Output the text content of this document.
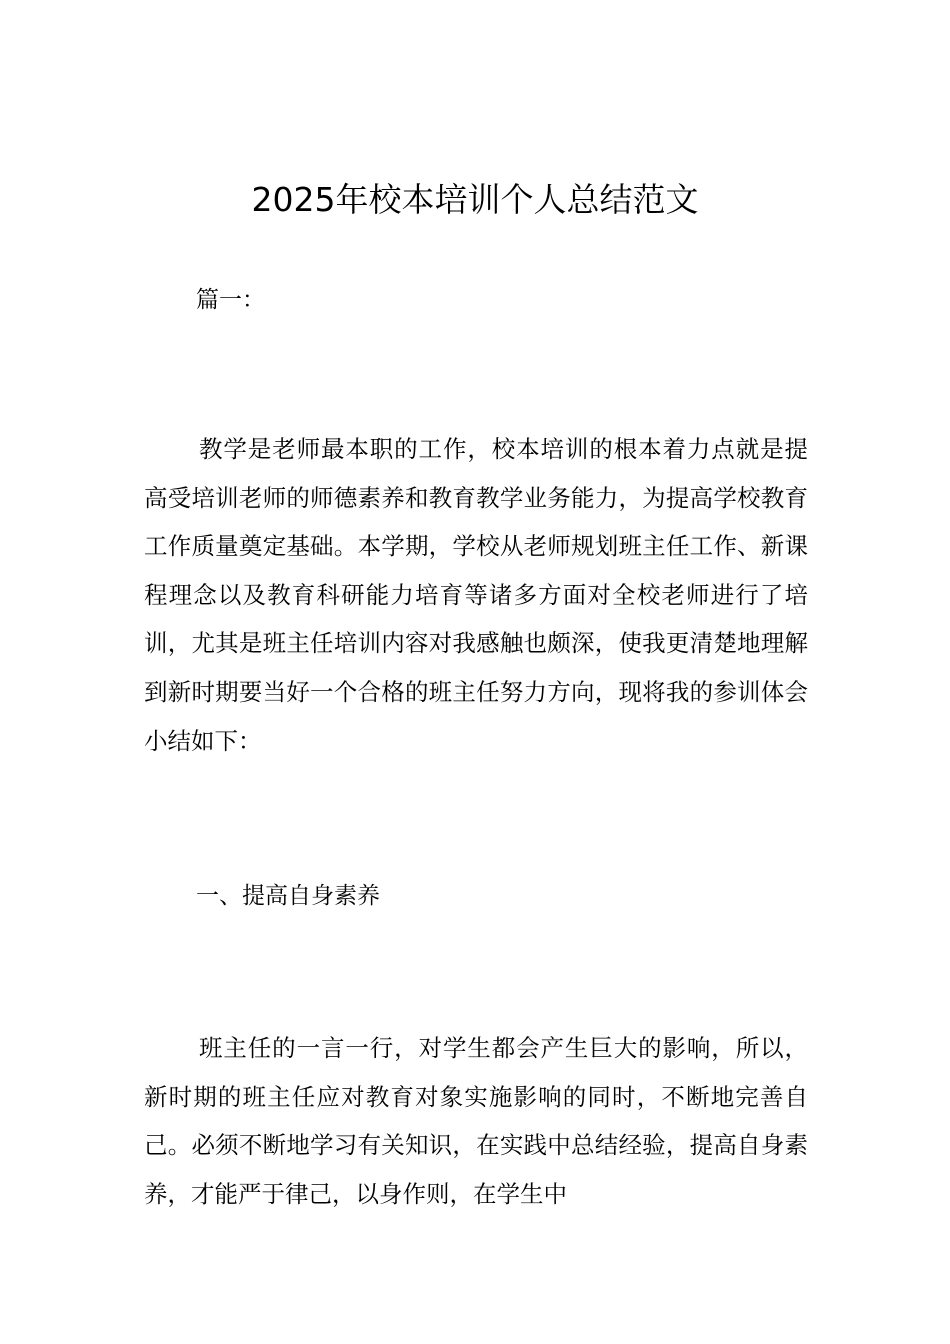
2025年校本培训个人总结范文
篇一：

教学是老师最本职的工作，校本培训的根本着力点就是提高受培训老师的师德素养和教育教学业务能力，为提高学校教育工作质量奠定基础。本学期，学校从老师规划班主任工作、新课程理念以及教育科研能力培育等诸多方面对全校老师进行了培训，尤其是班主任培训内容对我感触也颇深，使我更清楚地理解到新时期要当好一个合格的班主任努力方向，现将我的参训体会小结如下：

一、提高自身素养

班主任的一言一行，对学生都会产生巨大的影响，所以，新时期的班主任应对教育对象实施影响的同时，不断地完善自己。必须不断地学习有关知识，在实践中总结经验，提高自身素养，才能严于律己，以身作则，在学生中
